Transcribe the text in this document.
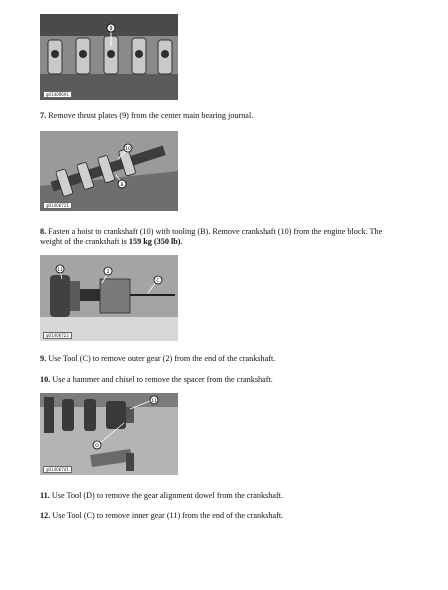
9
g01406691

7. Remove thrust plates (9) from the center main bearing journal.

10
B
g01406721

8. Fasten a hoist to crankshaft (10) with tooling (B). Remove crankshaft (10) from the engine block. The weight of the crankshaft is 159 kg (350 lb).

11	2
C
g01406722

9. Use Tool (C) to remove outer gear (2) from the end of the crankshaft.

10. Use a hammer and chisel to remove the spacer from the crankshaft.

11
D
g01406741

11. Use Tool (D) to remove the gear alignment dowel from the crankshaft.

12. Use Tool (C) to remove inner gear (11) from the end of the crankshaft.
